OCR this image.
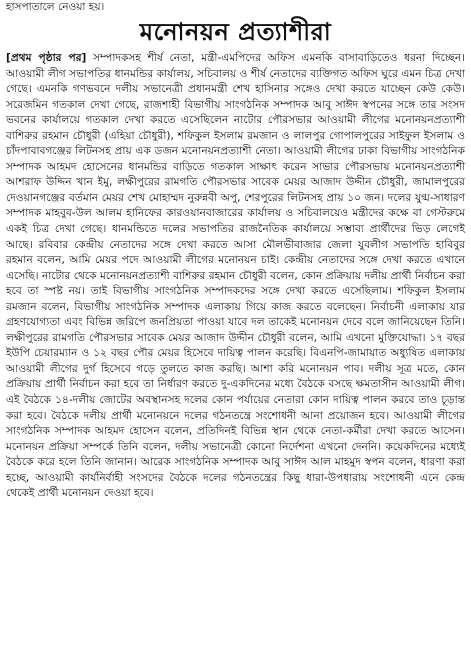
হাসপাতালে নেওয়া হয়।

মনোনয়ন প্রত্যাশীরা

[প্রথম পৃষ্ঠার পর] সম্পাদকসহ শীর্ষ নেতা, মন্ত্রী-এমপিদের অফিস এমনকি বাসাবাড়িতেও ধরনা দিচ্ছেন। আওয়ামী লীগ সভাপতির ধানমন্ডির কার্যালয়, সচিবালয় ও শীর্ষ নেতাদের ব্যক্তিগত অফিস ঘুরে এমন চিত্র দেখা গেছে। এমনকি গণভবনে দলীয় সভানেত্রী প্রধানমন্ত্রী শেখ হাসিনার সঙ্গেও দেখা করতে যাচ্ছেন কেউ কেউ। সরেজমিন গতকাল দেখা গেছে, রাজশাহী বিভাগীয় সাংগঠনিক সম্পাদক আবু সাঈদ স্বপনের সঙ্গে তার সংসদ ভবনের কার্যালয়ে গতকাল দেখা করতে এসেছিলেন নাটোর পৌরসভার আওয়ামী লীগের মনোনয়নপ্রত্যাশী বাশিরুর রহমান চৌধুরী (এহিয়া চৌধুরী), শফিকুল ইসলাম রমজান ও লালপুর গোপালপুরের সাইফুল ইসলাম ও চাঁদপাবাবগঞ্জের লিটনসহ প্রায় এক ডজন মনোনয়নপ্রত্যাশী নেতা। আওয়ামী লীগের ঢাকা বিভাগীয় সাংগঠনিক সম্পাদক আহমদ হোসেনের ধানমন্ডির বাড়িতে গতকাল সাক্ষাৎ করেন সাভার পৌরসভায় মনোনয়নপ্রত্যাশী আশরাফ উদ্দিন খান ইমু, লক্ষীপুরের রামগতি পৌরসভার সাবেক মেয়র আজাদ উদ্দীন চৌধুরী, জামালপুরের দেওয়ানগঞ্জের বর্তমান মেয়র শেখ মোহাম্মদ নুরুন্নবী অপু, শেরপুরের লিটনসহ প্রায় ১০ জন। দলের যুগ্ম-সাধারণ সম্পাদক মাহবুব-উল আলম হানিফের কারওয়ানবাজারের কার্যালয় ও সচিবালয়েও মন্ত্রীদের কক্ষে বা গেস্টরুমে একই চিত্র দেখা গেছে। ধানমন্ডিতে দলের সভাপতির রাজনৈতিক কার্যালয়ে সম্ভাব্য প্রার্থীদের ভিড় লেগেই আছে। রবিবার কেন্দ্রীয় নেতাদের সঙ্গে দেখা করতে আসা মৌলভীবাজার জেলা যুবলীগ সভাপতি হাবিবুর রহমান বলেন, আমি মেয়র পদে আওয়ামী লীগের মনোনয়ন চাই। কেন্দ্রীয় নেতাদের সঙ্গে দেখা করতে এখানে এসেছি। নাটোর থেকে মনোনয়নপ্রত্যাশী বাশিরুর রহমান চৌধুরী বলেন, কোন প্রক্রিয়ায় দলীয় প্রার্থী নির্বাচন করা হবে তা স্পষ্ট নয়। তাই বিভাগীয় সাংগঠনিক সম্পাদকদের সঙ্গে দেখা করতে এসেছিলাম। শফিকুল ইসলাম রমজান বলেন, বিভাগীয় সাংগঠনিক সম্পাদক এলাকায় গিয়ে কাজ করতে বলেছেন। নির্বাচনী এলাকায় যার গ্রহণযোগ্যতা এবং বিভিন্ন জরিপে জনপ্রিয়তা পাওয়া যাবে দল তাকেই মনোনয়ন দেবে বলে জানিয়েছেন তিনি। লক্ষীপুরের রামগতি পৌরসভার সাবেক মেয়র আজাদ উদ্দীন চৌধুরী বলেন, আমি এখনো মুক্তিযোদ্ধা। ১৭ বছর ইউপি চেয়ারম্যান ও ১২ বছর পৌর মেয়র হিসেবে দায়িত্ব পালন করেছি। বিএনপি-জামায়াত অধ্যুষিত এলাকায় আওয়ামী লীগের দুর্গ হিসেবে গড়ে তুলতে কাজ করছি। আশা করি মনোনয়ন পাব। দলীয় সূত্র মতে, কোন প্রক্রিয়ায় প্রার্থী নির্বাচন করা হবে তা নির্ধারণ করতে দু-একদিনের মধ্যে বৈঠকে বসছে ক্ষমতাসীন আওয়ামী লীগ। এই বৈঠকে ১৪-দলীয় জোটের অবস্থানসহ দলের কোন পর্যায়ের নেতারা কোন দায়িত্ব পালন করবে তাও চূড়ান্ত করা হবে। বৈঠকে দলীয় প্রার্থী মনোনয়নে দলের গঠনতন্ত্রে সংশোধনী আনা প্রয়োজন হবে। আওয়ামী লীগের সাংগঠনিক সম্পাদক আহমদ হোসেন বলেন, প্রতিদিনই বিভিন্ন স্থান থেকে নেতা-কর্মীরা দেখা করতে আসেন। মনোনয়ন প্রক্রিয়া সম্পর্কে তিনি বলেন, দলীয় সভানেত্রী কোনো নির্দেশনা এখনো দেননি। কয়েকদিনের মধ্যেই বৈঠকে করে হলে তিনি জানান। আরেক সাংগঠনিক সম্পাদক আবু সাঈদ আল মাহমুদ স্বপন বলেন, ধারণা করা হচ্ছে, আওয়ামী কার্যনির্বাহী সংসদের বৈঠকে দলের গঠনতন্ত্রের কিছু ধারা-উপধারায় সংশোধনী এনে কেন্দ্র থেকেই প্রার্থী মনোনয়ন দেওয়া হবে।
